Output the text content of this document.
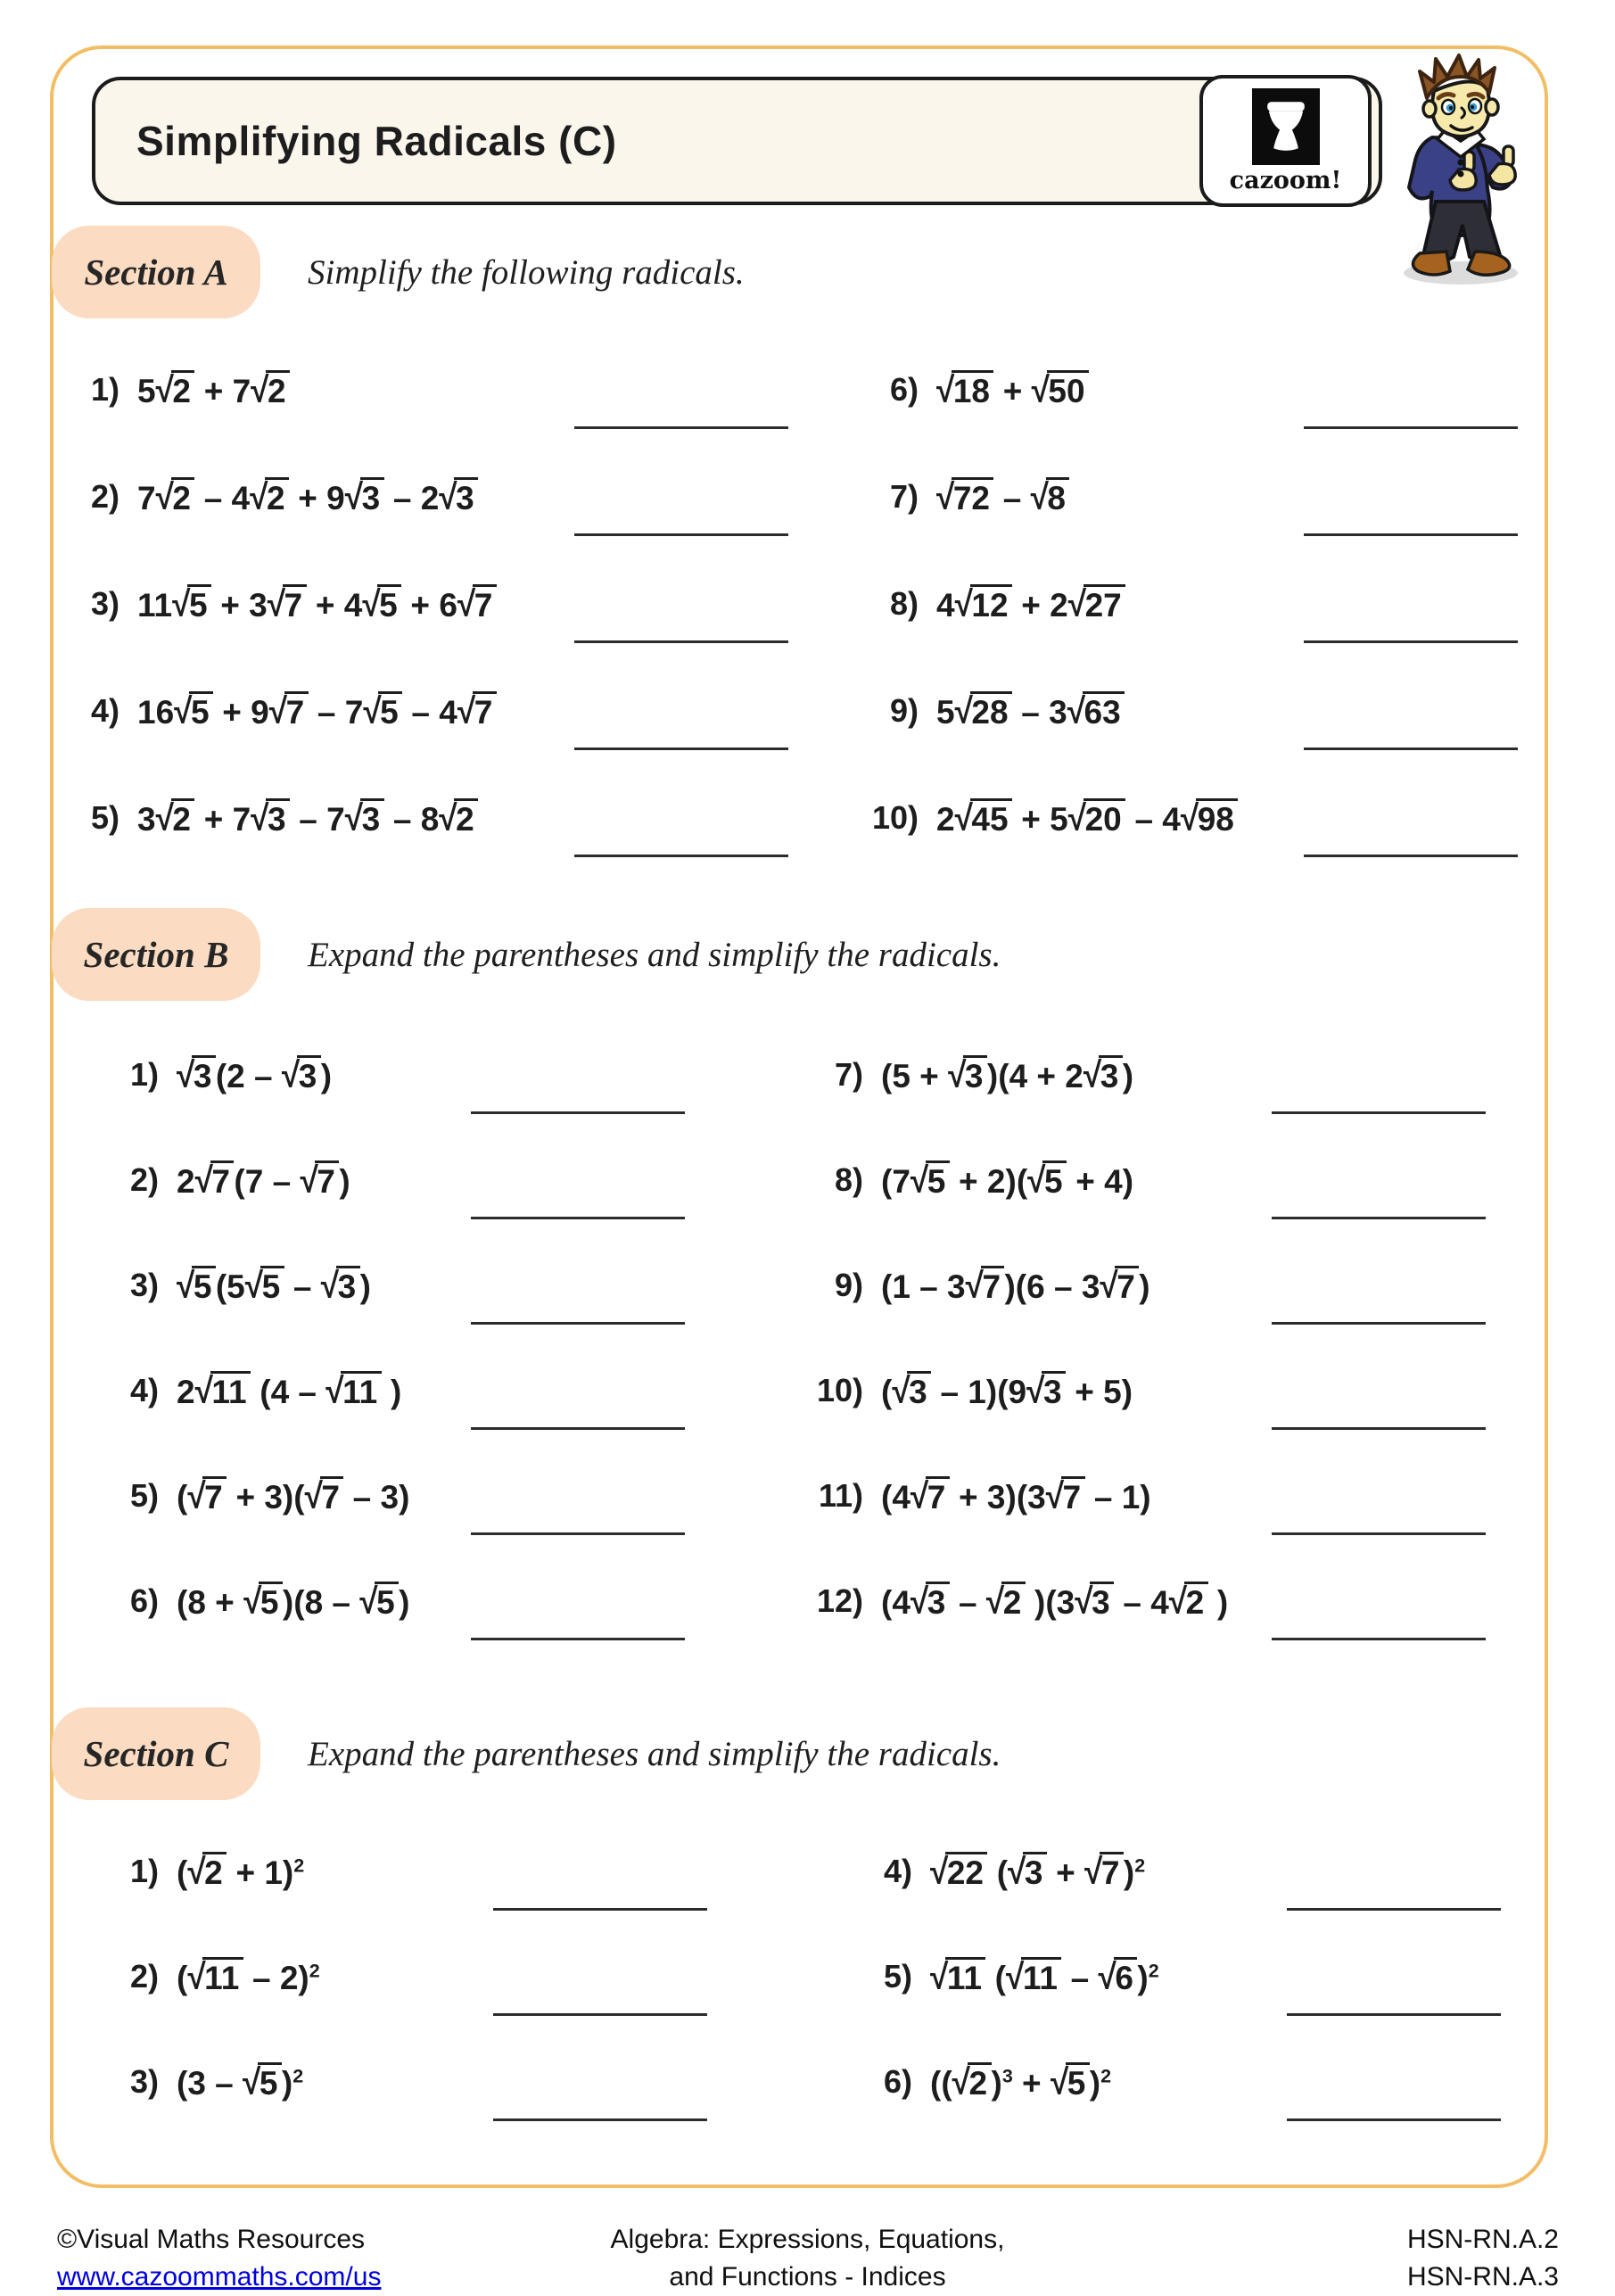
Simplifying Radicals (C)
cazoom!
Section A	Simplify the following radicals.
1) 5√2 + 7√2
2) 7√2 – 4√2 + 9√3 – 2√3
3) 11√5 + 3√7 + 4√5 + 6√7
4) 16√5 + 9√7 – 7√5 – 4√7
5) 3√2 + 7√3 – 7√3 – 8√2
6) √18 + √50
7) √72 – √8
8) 4√12 + 2√27
9) 5√28 – 3√63
10) 2√45 + 5√20 – 4√98
Section B	Expand the parentheses and simplify the radicals.
1) √3 (2 – √3 )
2) 2√7 (7 – √7 )
3) √5 (5√5 – √3 )
4) 2√11 (4 – √11 )
5) (√7 + 3)(√7 – 3)
6) (8 + √5 )(8 – √5 )
7) (5 + √3 )(4 + 2√3 )
8) (7√5 + 2)(√5 + 4)
9) (1 – 3√7 )(6 – 3√7 )
10) (√3 – 1)(9√3 + 5)
11) (4√7 + 3)(3√7 – 1)
12) (4√3 – √2 )(3√3 – 4√2 )
Section C	Expand the parentheses and simplify the radicals.
1) $(√2 + 1)^2$
2) (√11 – 2)$^2$
3) (3 – √5 )$^2$
4) √22 (√3 + √7 )$^2$
5) √11 (√11 – √6 )$^2$
6) ((√2 )$^3$ + √5 )$^2$
©Visual Maths Resources
www.cazoommaths.com/us
Algebra: Expressions, Equations,
and Functions - Indices
HSN-RN.A.2
HSN-RN.A.3
